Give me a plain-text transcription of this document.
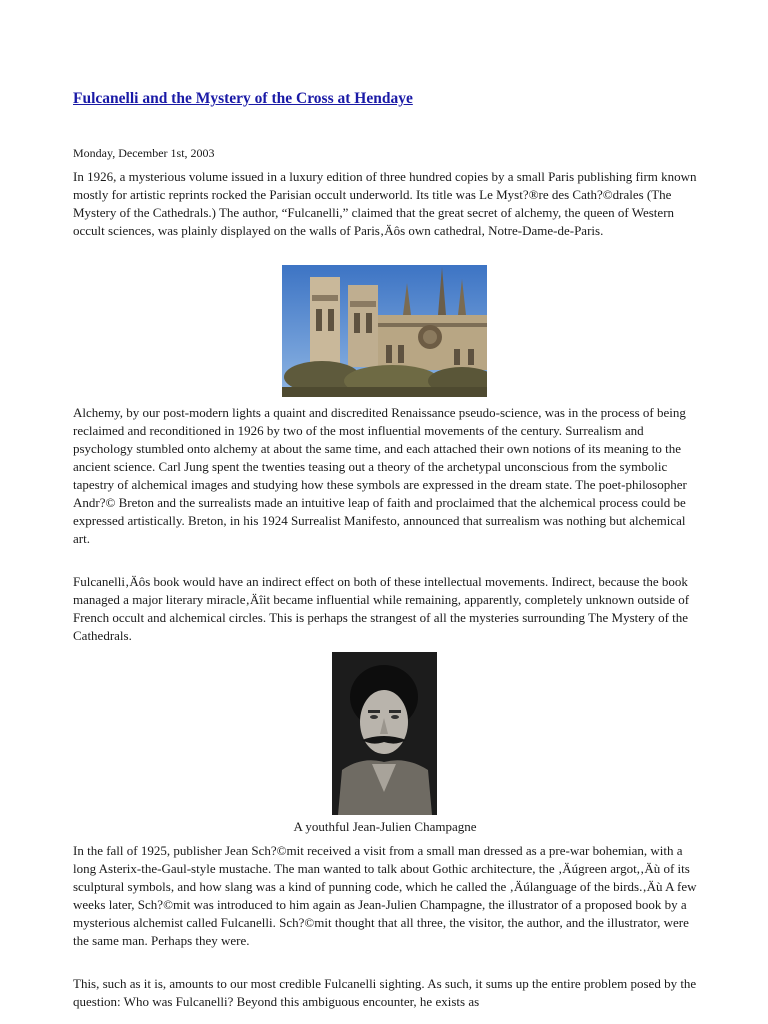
Fulcanelli and the Mystery of the Cross at Hendaye
Monday, December 1st, 2003

In 1926, a mysterious volume issued in a luxury edition of three hundred copies by a small Paris publishing firm known mostly for artistic reprints rocked the Parisian occult underworld. Its title was Le Myst?®re des Cath?©drales (The Mystery of the Cathedrals.) The author, “Fulcanelli,” claimed that the great secret of alchemy, the queen of Western occult sciences, was plainly displayed on the walls of Paris‚Äôs own cathedral, Notre-Dame-de-Paris.

Alchemy, by our post-modern lights a quaint and discredited Renaissance pseudo-science, was in the process of being reclaimed and reconditioned in 1926 by two of the most influential movements of the century. Surrealism and psychology stumbled onto alchemy at about the same time, and each attached their own notions of its meaning to the ancient science. Carl Jung spent the twenties teasing out a theory of the archetypal unconscious from the symbolic tapestry of alchemical images and studying how these symbols are expressed in the dream state. The poet-philosopher Andr?© Breton and the surrealists made an intuitive leap of faith and proclaimed that the alchemical process could be expressed artistically. Breton, in his 1924 Surrealist Manifesto, announced that surrealism was nothing but alchemical art.

Fulcanelli‚Äôs book would have an indirect effect on both of these intellectual movements. Indirect, because the book managed a major literary miracle‚Äîit became influential while remaining, apparently, completely unknown outside of French occult and alchemical circles. This is perhaps the strangest of all the mysteries surrounding The Mystery of the Cathedrals.

A youthful Jean-Julien Champagne

In the fall of 1925, publisher Jean Sch?©mit received a visit from a small man dressed as a pre-war bohemian, with a long Asterix-the-Gaul-style mustache. The man wanted to talk about Gothic architecture, the ‚Äúgreen argot,‚Äù of its sculptural symbols, and how slang was a kind of punning code, which he called the ‚Äúlanguage of the birds.‚Äù A few weeks later, Sch?©mit was introduced to him again as Jean-Julien Champagne, the illustrator of a proposed book by a mysterious alchemist called Fulcanelli. Sch?©mit thought that all three, the visitor, the author, and the illustrator, were the same man. Perhaps they were.

This, such as it is, amounts to our most credible Fulcanelli sighting. As such, it sums up the entire problem posed by the question: Who was Fulcanelli? Beyond this ambiguous encounter, he exists as
